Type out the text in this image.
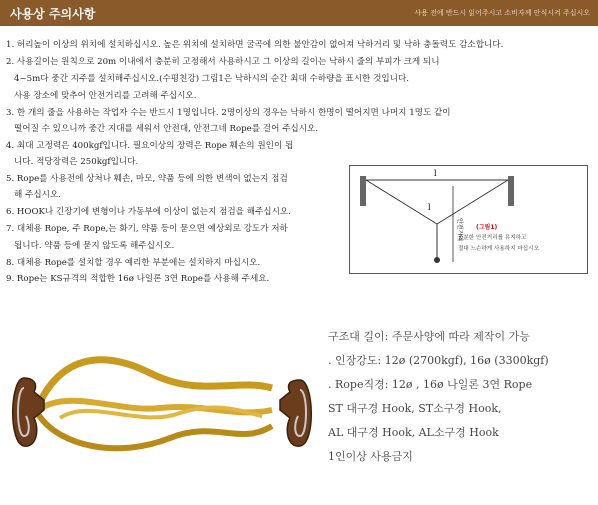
사용상 주의사항	사용 전에 반드시 읽어주시고 소비자께 안식시켜 주십시오
1. 허리높이 이상의 위치에 설치하십시오. 높은 위치에 설치하면 굴곡에 의한 불안감이 없어져 낙하거리 및 낙하 충돌력도 감소합니다.
2. 사용길이는 원칙으로 20m 이내에서 충분히 고정해서 사용하시고 그 이상의 길이는 낙하시 줄의 부피가 크게 되니
4~5m다 중간 지주를 설치해주십시오.(수평친강) 그림1은 낙하시의 순간 최대 수하량을 표시한 것입니다.
사용 장소에 맞추어 안전거리를 고려해 주십시오.
3. 한 개의 줄을 사용하는 작업자 수는 반드시 1명입니다. 2명이상의 경우는 낙하시 한명이 떨어지면 나머지 1명도 같이
떨어질 수 있으니까 중간 지대를 세워서 안전대, 안전그네 Rope를 걸어 주십시오.
4. 최대 고정력은 400kgf입니다. 필요이상의 장력은 Rope 훼손의 원인이 됩
니다. 적당장력은 250kgf입니다.
5. Rope를 사용전에 상처나 훼손, 마모, 약품 등에 의한 변색이 없는지 점검
해 주십시오.
6. HOOK나 긴장기에 변형이나 가동부에 이상이 없는지 점검을 해주십시오.
7. 대체용 Rope, 주 Rope,는 화기, 약품 등이 묻으면 예상외로 강도가 저하
됩니다. 약품 등에 묻지 않도록 해주십시오.
8. 대체용 Rope를 설치할 경우 예리한 부분에는 설치하지 마십시오.
9. Rope는 KS규격의 적합한 16ø 나일론 3연 Rope를 사용해 주세요.
l
l
안전거리 (그림1)
충분한 안전거리를 유지하고
절대 느슨하게 사용하지 마십시오
구조대 길이: 주문사양에 따라 제작이 가능
. 인장강도: 12ø (2700kgf), 16ø (3300kgf)
. Rope직경: 12ø , 16ø 나일론 3연 Rope
ST 대구경 Hook, ST소구경 Hook,
AL 대구경 Hook, AL소구경 Hook
1인이상 사용금지
